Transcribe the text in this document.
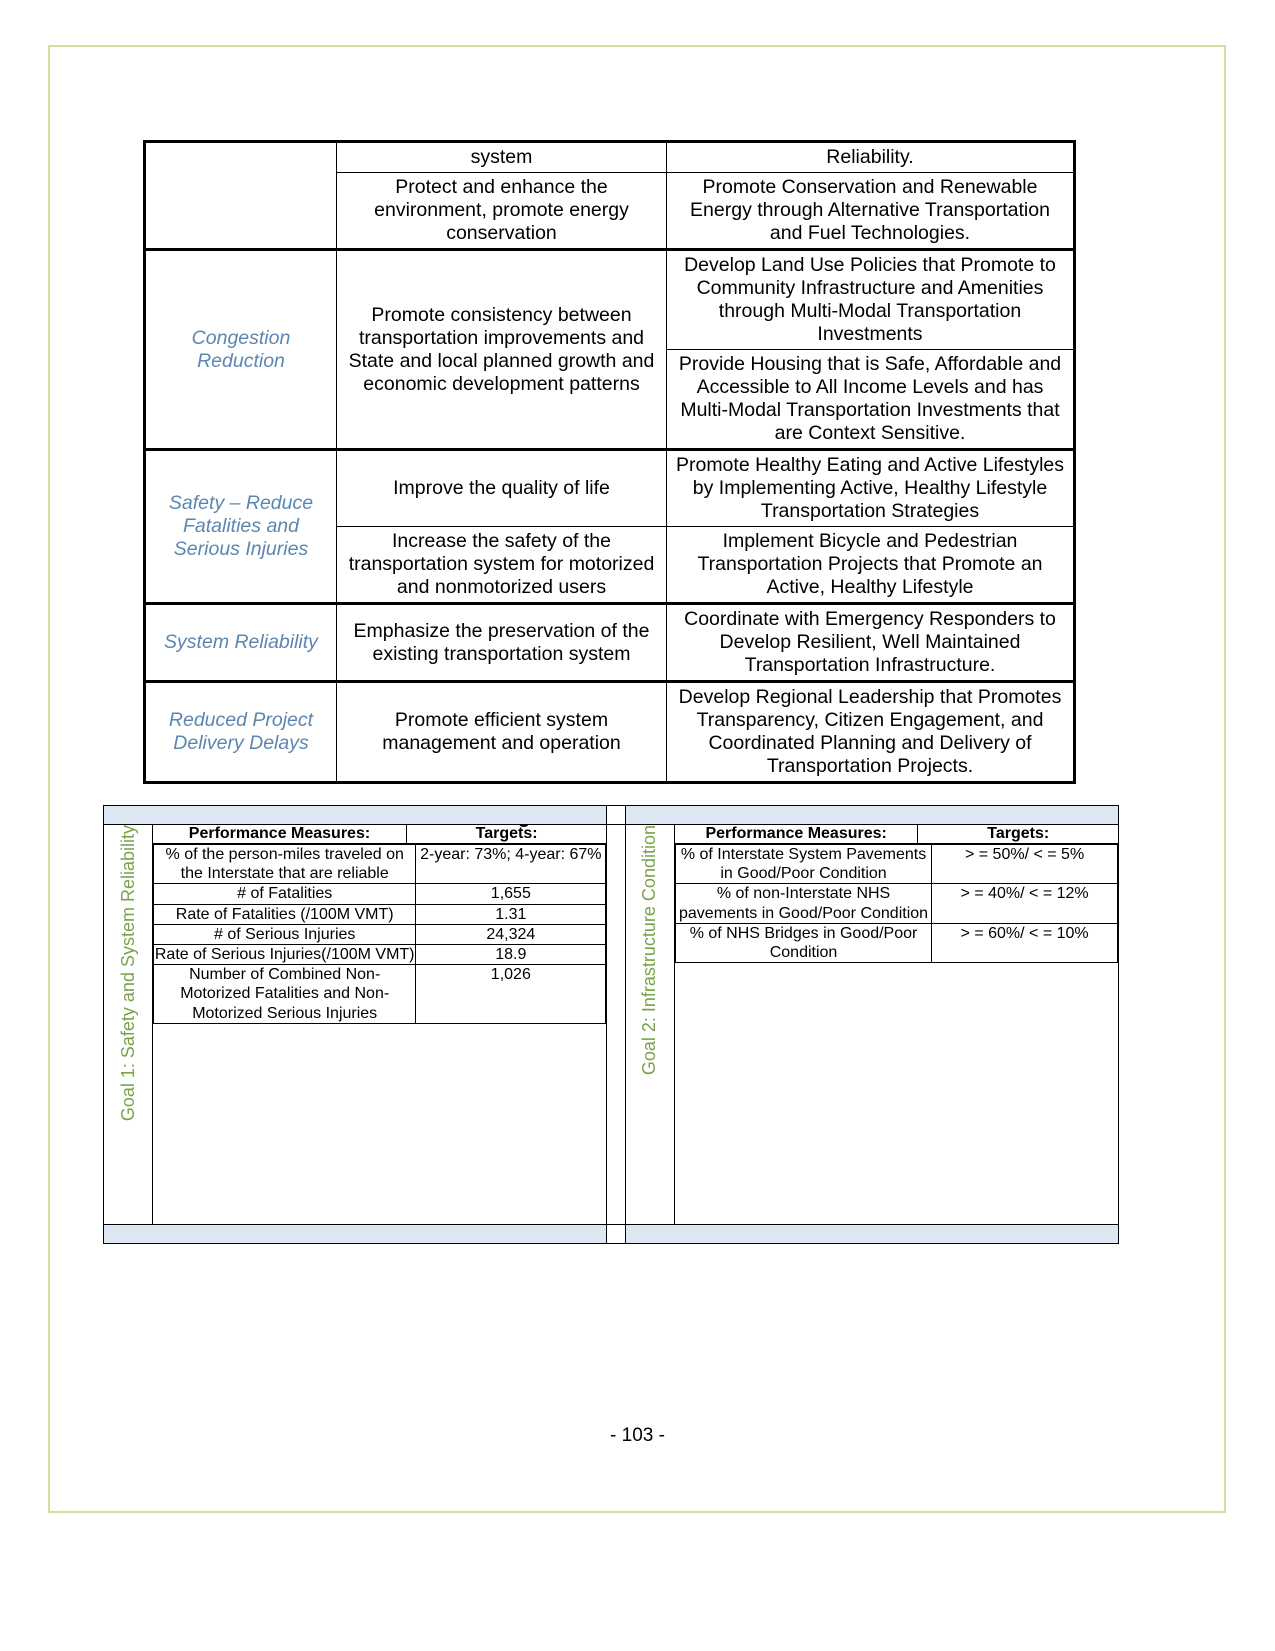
	system	Reliability.
	Protect and enhance the environment, promote energy conservation	Promote Conservation and Renewable Energy through Alternative Transportation and Fuel Technologies.
Congestion Reduction	Promote consistency between transportation improvements and State and local planned growth and economic development patterns	Develop Land Use Policies that Promote to Community Infrastructure and Amenities through Multi-Modal Transportation Investments
		Provide Housing that is Safe, Affordable and Accessible to All Income Levels and has Multi-Modal Transportation Investments that are Context Sensitive.
Safety – Reduce Fatalities and Serious Injuries	Improve the quality of life	Promote Healthy Eating and Active Lifestyles by Implementing Active, Healthy Lifestyle Transportation Strategies
	Increase the safety of the transportation system for motorized and nonmotorized users	Implement Bicycle and Pedestrian Transportation Projects that Promote an Active, Healthy Lifestyle
System Reliability	Emphasize the preservation of the existing transportation system	Coordinate with Emergency Responders to Develop Resilient, Well Maintained Transportation Infrastructure.
Reduced Project Delivery Delays	Promote efficient system management and operation	Develop Regional Leadership that Promotes Transparency, Citizen Engagement, and Coordinated Planning and Delivery of Transportation Projects.

Goal 1: Safety and System Reliability	Performance Measures:	Targets:		Goal 2: Infrastructure Condition	Performance Measures:	Targets:

% of the person-miles traveled on the Interstate that are reliable	2-year: 73%; 4-year: 67%
# of Fatalities	1,655
Rate of Fatalities (/100M VMT)	1.31
# of Serious Injuries	24,324
Rate of Serious Injuries(/100M VMT)	18.9
Number of Combined Non-Motorized Fatalities and Non-Motorized Serious Injuries	1,026

% of Interstate System Pavements in Good/Poor Condition	> = 50%/ < = 5%
% of non-Interstate NHS pavements in Good/Poor Condition	> = 40%/ < = 12%
% of NHS Bridges in Good/Poor Condition	> = 60%/ < = 10%

- 103 -
